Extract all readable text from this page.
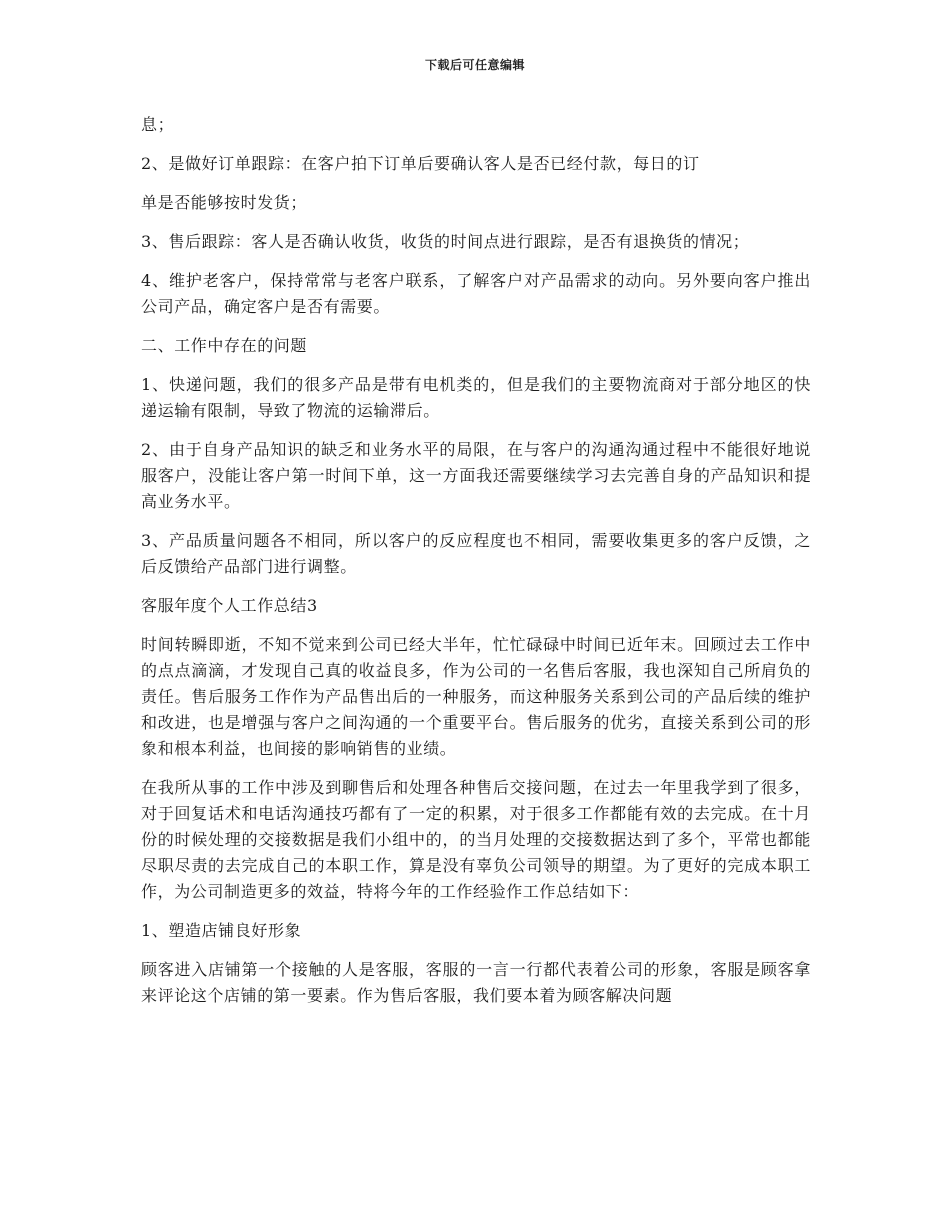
下载后可任意编辑

息；

2、是做好订单跟踪：在客户拍下订单后要确认客人是否已经付款，每日的订

单是否能够按时发货；

3、售后跟踪：客人是否确认收货，收货的时间点进行跟踪，是否有退换货的情况；

4、维护老客户，保持常常与老客户联系，了解客户对产品需求的动向。另外要向客户推出公司产品，确定客户是否有需要。

二、工作中存在的问题

1、快递问题，我们的很多产品是带有电机类的，但是我们的主要物流商对于部分地区的快递运输有限制，导致了物流的运输滞后。

2、由于自身产品知识的缺乏和业务水平的局限，在与客户的沟通沟通过程中不能很好地说服客户，没能让客户第一时间下单，这一方面我还需要继续学习去完善自身的产品知识和提高业务水平。

3、产品质量问题各不相同，所以客户的反应程度也不相同，需要收集更多的客户反馈，之后反馈给产品部门进行调整。

客服年度个人工作总结3

时间转瞬即逝，不知不觉来到公司已经大半年，忙忙碌碌中时间已近年末。回顾过去工作中的点点滴滴，才发现自己真的收益良多，作为公司的一名售后客服，我也深知自己所肩负的责任。售后服务工作作为产品售出后的一种服务，而这种服务关系到公司的产品后续的维护和改进，也是增强与客户之间沟通的一个重要平台。售后服务的优劣，直接关系到公司的形象和根本利益，也间接的影响销售的业绩。

在我所从事的工作中涉及到聊售后和处理各种售后交接问题，在过去一年里我学到了很多，对于回复话术和电话沟通技巧都有了一定的积累，对于很多工作都能有效的去完成。在十月份的时候处理的交接数据是我们小组中的，的当月处理的交接数据达到了多个，平常也都能尽职尽责的去完成自己的本职工作，算是没有辜负公司领导的期望。为了更好的完成本职工作，为公司制造更多的效益，特将今年的工作经验作工作总结如下：

1、塑造店铺良好形象

顾客进入店铺第一个接触的人是客服，客服的一言一行都代表着公司的形象，客服是顾客拿来评论这个店铺的第一要素。作为售后客服，我们要本着为顾客解决问题
